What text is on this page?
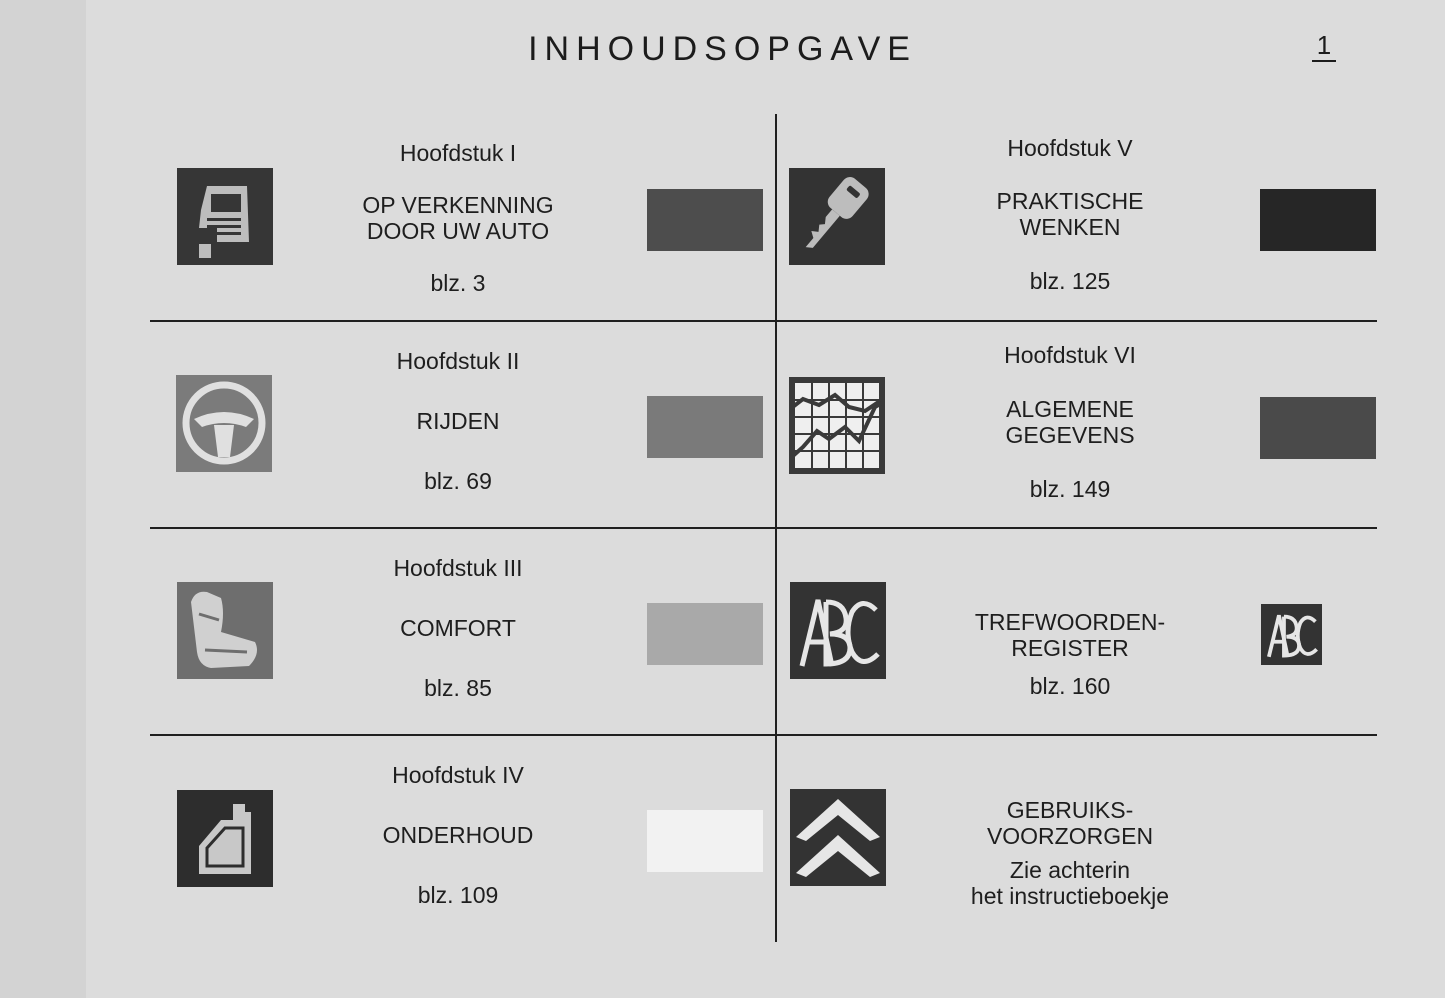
INHOUDSOPGAVE	1
Hoofdstuk I
OP VERKENNING
DOOR UW AUTO
blz. 3
Hoofdstuk II
RIJDEN
blz. 69
Hoofdstuk III
COMFORT
blz. 85
Hoofdstuk IV
ONDERHOUD
blz. 109
Hoofdstuk V
PRAKTISCHE
WENKEN
blz. 125
Hoofdstuk VI
ALGEMENE
GEGEVENS
blz. 149
TREFWOORDEN-
REGISTER
blz. 160
GEBRUIKS-
VOORZORGEN
Zie achterin
het instructieboekje
